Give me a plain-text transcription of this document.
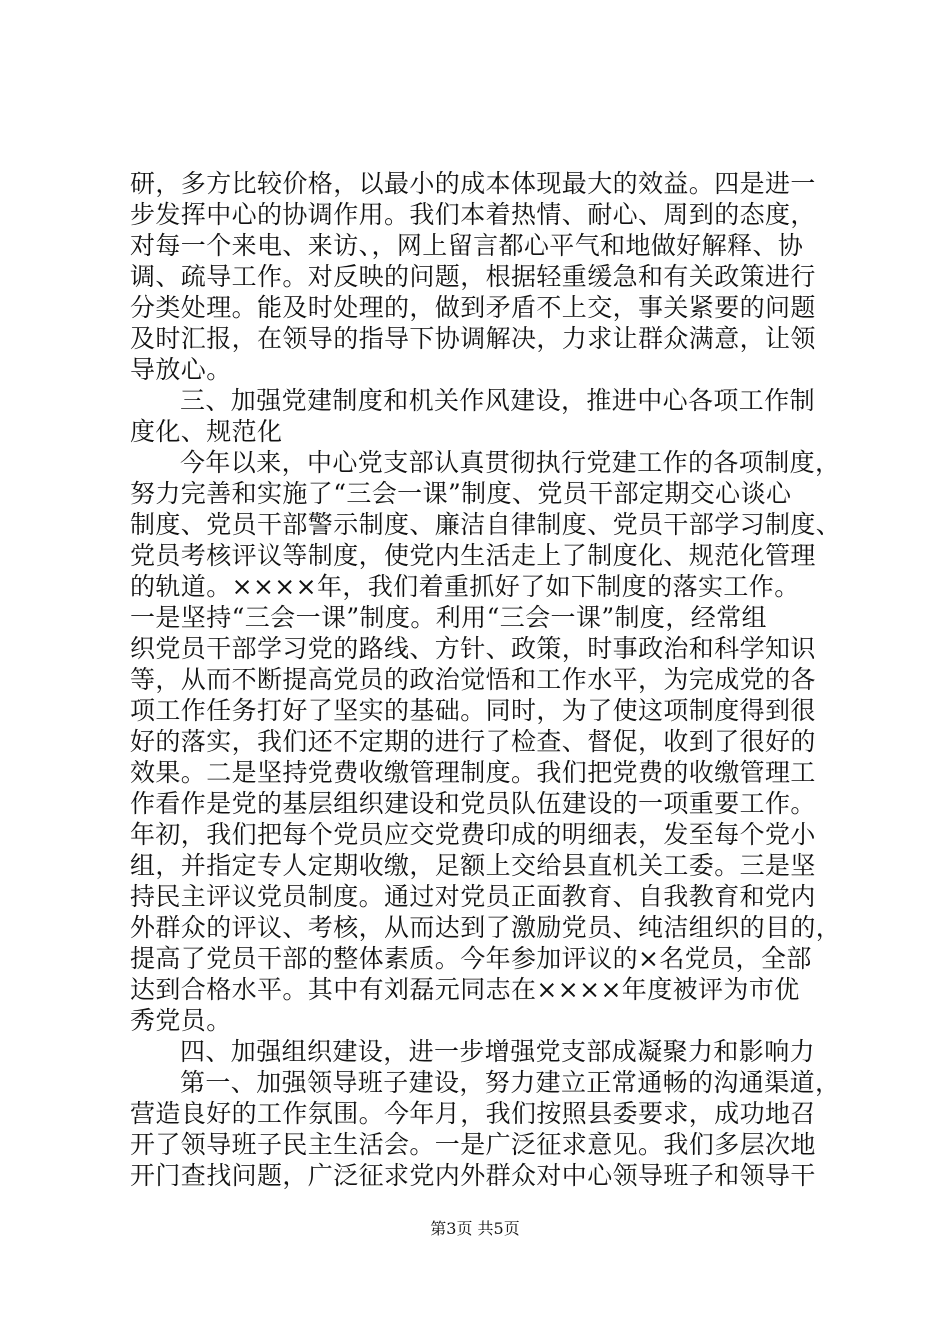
研，多方比较价格，以最小的成本体现最大的效益。四是进一
步发挥中心的协调作用。我们本着热情、耐心、周到的态度，
对每一个来电、来访、，网上留言都心平气和地做好解释、协
调、疏导工作。对反映的问题，根据轻重缓急和有关政策进行
分类处理。能及时处理的，做到矛盾不上交，事关紧要的问题
及时汇报，在领导的指导下协调解决，力求让群众满意，让领
导放心。
三、加强党建制度和机关作风建设，推进中心各项工作制
度化、规范化
今年以来，中心党支部认真贯彻执行党建工作的各项制度，
努力完善和实施了“三会一课”制度、党员干部定期交心谈心
制度、党员干部警示制度、廉洁自律制度、党员干部学习制度、
党员考核评议等制度，使党内生活走上了制度化、规范化管理
的轨道。××××年，我们着重抓好了如下制度的落实工作。
一是坚持“三会一课”制度。利用“三会一课”制度，经常组
织党员干部学习党的路线、方针、政策，时事政治和科学知识
等，从而不断提高党员的政治觉悟和工作水平，为完成党的各
项工作任务打好了坚实的基础。同时，为了使这项制度得到很
好的落实，我们还不定期的进行了检查、督促，收到了很好的
效果。二是坚持党费收缴管理制度。我们把党费的收缴管理工
作看作是党的基层组织建设和党员队伍建设的一项重要工作。
年初，我们把每个党员应交党费印成的明细表，发至每个党小
组，并指定专人定期收缴，足额上交给县直机关工委。三是坚
持民主评议党员制度。通过对党员正面教育、自我教育和党内
外群众的评议、考核，从而达到了激励党员、纯洁组织的目的，
提高了党员干部的整体素质。今年参加评议的×名党员，全部
达到合格水平。其中有刘磊元同志在××××年度被评为市优
秀党员。
四、加强组织建设，进一步增强党支部成凝聚力和影响力
第一、加强领导班子建设，努力建立正常通畅的沟通渠道，
营造良好的工作氛围。今年月，我们按照县委要求，成功地召
开了领导班子民主生活会。一是广泛征求意见。我们多层次地
开门查找问题，广泛征求党内外群众对中心领导班子和领导干
第3页 共5页
